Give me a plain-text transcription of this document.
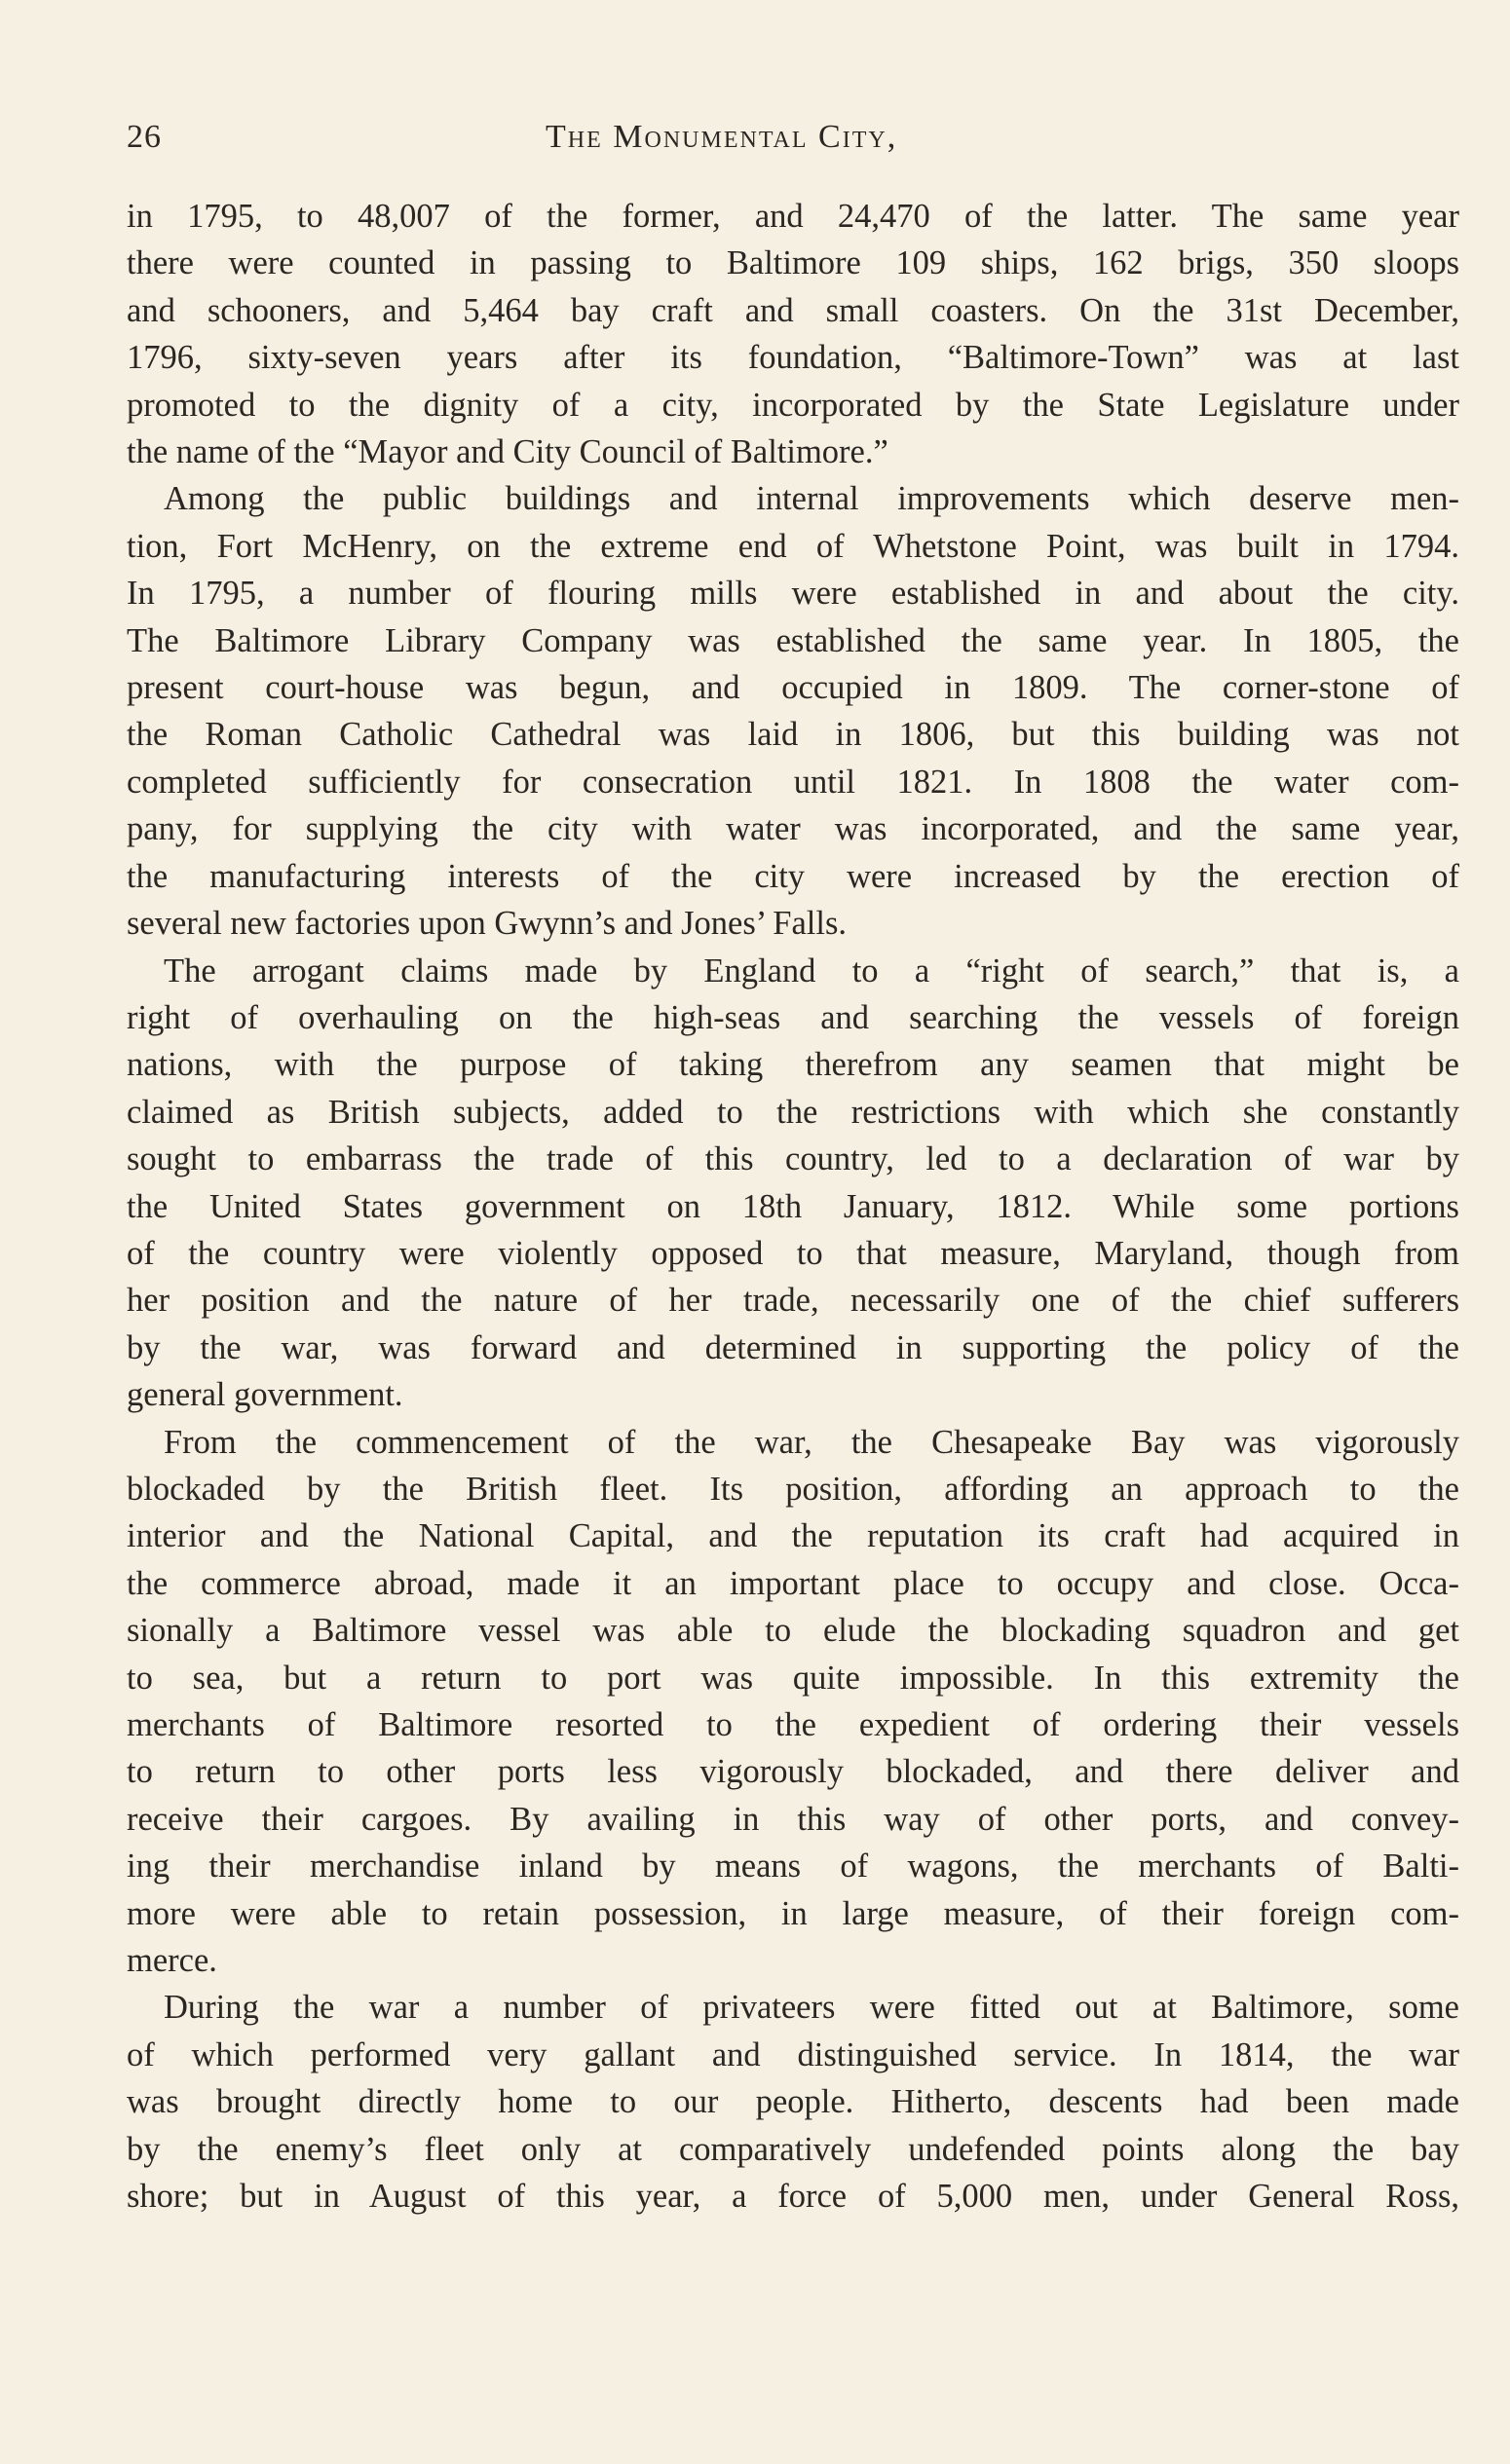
26	The Monumental City,
in 1795, to 48,007 of the former, and 24,470 of the latter. The same year
there were counted in passing to Baltimore 109 ships, 162 brigs, 350 sloops
and schooners, and 5,464 bay craft and small coasters. On the 31st December,
1796, sixty-seven years after its foundation, “Baltimore-Town” was at last
promoted to the dignity of a city, incorporated by the State Legislature under
the name of the “Mayor and City Council of Baltimore.”
Among the public buildings and internal improvements which deserve men-
tion, Fort McHenry, on the extreme end of Whetstone Point, was built in 1794.
In 1795, a number of flouring mills were established in and about the city.
The Baltimore Library Company was established the same year. In 1805, the
present court-house was begun, and occupied in 1809. The corner-stone of
the Roman Catholic Cathedral was laid in 1806, but this building was not
completed sufficiently for consecration until 1821. In 1808 the water com-
pany, for supplying the city with water was incorporated, and the same year,
the manufacturing interests of the city were increased by the erection of
several new factories upon Gwynn’s and Jones’ Falls.
The arrogant claims made by England to a “right of search,” that is, a
right of overhauling on the high-seas and searching the vessels of foreign
nations, with the purpose of taking therefrom any seamen that might be
claimed as British subjects, added to the restrictions with which she constantly
sought to embarrass the trade of this country, led to a declaration of war by
the United States government on 18th January, 1812. While some portions
of the country were violently opposed to that measure, Maryland, though from
her position and the nature of her trade, necessarily one of the chief sufferers
by the war, was forward and determined in supporting the policy of the
general government.
From the commencement of the war, the Chesapeake Bay was vigorously
blockaded by the British fleet. Its position, affording an approach to the
interior and the National Capital, and the reputation its craft had acquired in
the commerce abroad, made it an important place to occupy and close. Occa-
sionally a Baltimore vessel was able to elude the blockading squadron and get
to sea, but a return to port was quite impossible. In this extremity the
merchants of Baltimore resorted to the expedient of ordering their vessels
to return to other ports less vigorously blockaded, and there deliver and
receive their cargoes. By availing in this way of other ports, and convey-
ing their merchandise inland by means of wagons, the merchants of Balti-
more were able to retain possession, in large measure, of their foreign com-
merce.
During the war a number of privateers were fitted out at Baltimore, some
of which performed very gallant and distinguished service. In 1814, the war
was brought directly home to our people. Hitherto, descents had been made
by the enemy’s fleet only at comparatively undefended points along the bay
shore; but in August of this year, a force of 5,000 men, under General Ross,
